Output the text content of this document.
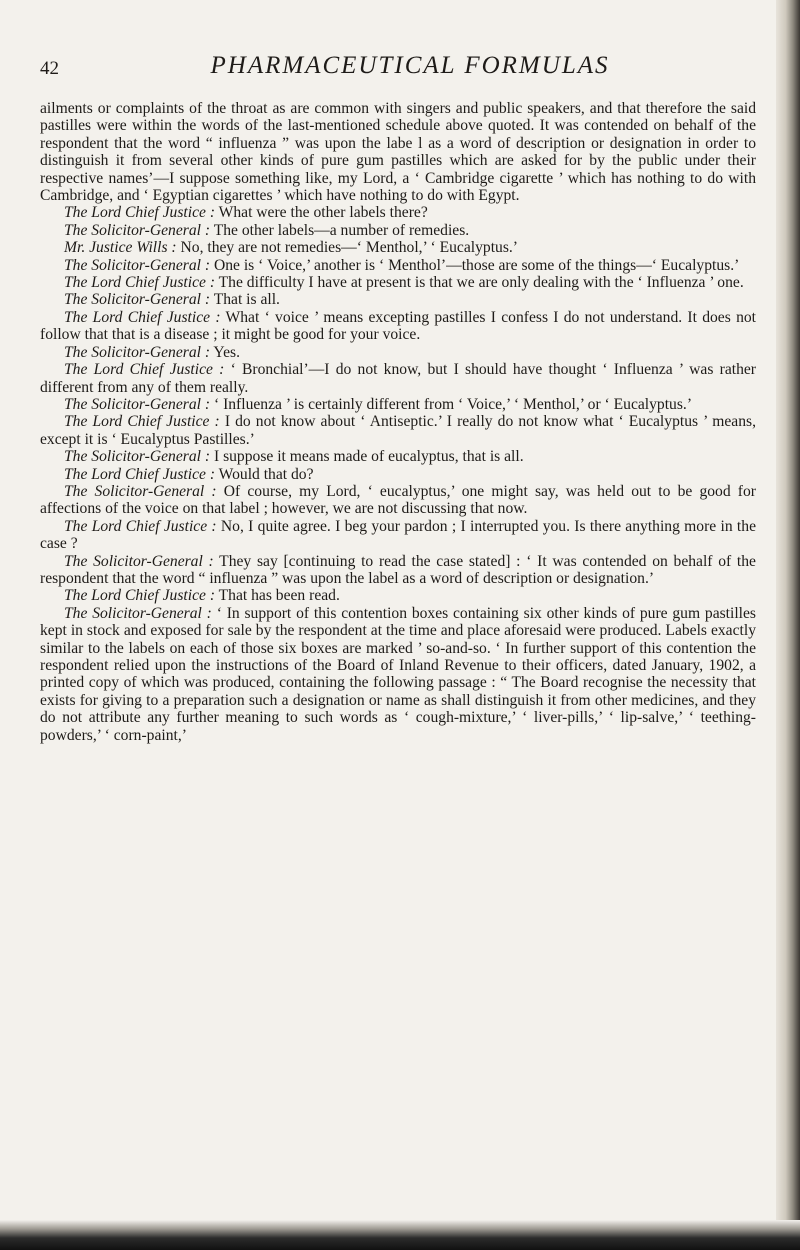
42	PHARMACEUTICAL FORMULAS

ailments or complaints of the throat as are common with singers and public speakers, and that therefore the said pastilles were within the words of the last-mentioned schedule above quoted. It was contended on behalf of the respondent that the word “ influenza ” was upon the labe l as a word of description or designation in order to distinguish it from several other kinds of pure gum pastilles which are asked for by the public under their respective names’—I suppose something like, my Lord, a ‘ Cambridge cigarette ’ which has nothing to do with Cambridge, and ‘ Egyptian cigarettes ’ which have nothing to do with Egypt.

The Lord Chief Justice : What were the other labels there?

The Solicitor-General : The other labels—a number of remedies.

Mr. Justice Wills : No, they are not remedies—‘ Menthol,’ ‘ Eucalyptus.’

The Solicitor-General : One is ‘ Voice,’ another is ‘ Menthol’—those are some of the things—‘ Eucalyptus.’

The Lord Chief Justice : The difficulty I have at present is that we are only dealing with the ‘ Influenza ’ one.

The Solicitor-General : That is all.

The Lord Chief Justice : What ‘ voice ’ means excepting pastilles I confess I do not understand. It does not follow that that is a disease ; it might be good for your voice.

The Solicitor-General : Yes.

The Lord Chief Justice : ‘ Bronchial’—I do not know, but I should have thought ‘ Influenza ’ was rather different from any of them really.

The Solicitor-General : ‘ Influenza ’ is certainly different from ‘ Voice,’ ‘ Menthol,’ or ‘ Eucalyptus.’

The Lord Chief Justice : I do not know about ‘ Antiseptic.’ I really do not know what ‘ Eucalyptus ’ means, except it is ‘ Eucalyptus Pastilles.’

The Solicitor-General : I suppose it means made of eucalyptus, that is all.

The Lord Chief Justice : Would that do?

The Solicitor-General : Of course, my Lord, ‘ eucalyptus,’ one might say, was held out to be good for affections of the voice on that label ; however, we are not discussing that now.

The Lord Chief Justice : No, I quite agree. I beg your pardon ; I interrupted you. Is there anything more in the case ?

The Solicitor-General : They say [continuing to read the case stated] : ‘ It was contended on behalf of the respondent that the word “ influenza ” was upon the label as a word of description or designation.’

The Lord Chief Justice : That has been read.

The Solicitor-General : ‘ In support of this contention boxes containing six other kinds of pure gum pastilles kept in stock and exposed for sale by the respondent at the time and place aforesaid were produced. Labels exactly similar to the labels on each of those six boxes are marked ’ so-and-so. ‘ In further support of this contention the respondent relied upon the instructions of the Board of Inland Revenue to their officers, dated January, 1902, a printed copy of which was produced, containing the following passage : “ The Board recognise the necessity that exists for giving to a preparation such a designation or name as shall distinguish it from other medicines, and they do not attribute any further meaning to such words as ‘ cough-mixture,’ ‘ liver-pills,’ ‘ lip-salve,’ ‘ teething-powders,’ ‘ corn-paint,’
